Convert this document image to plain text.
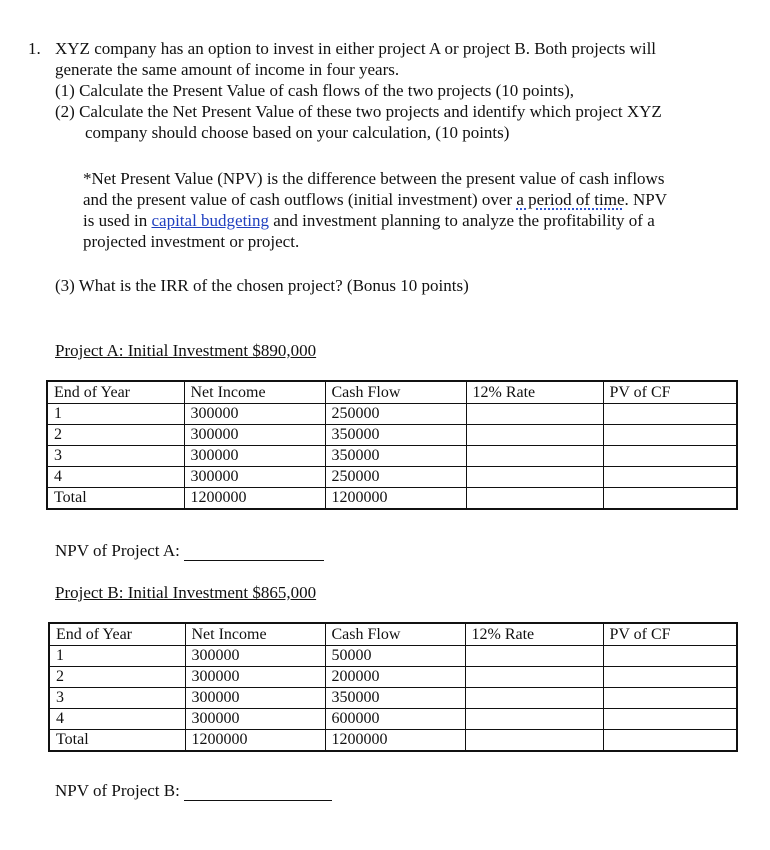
1. XYZ company has an option to invest in either project A or project B. Both projects will
generate the same amount of income in four years.
(1) Calculate the Present Value of cash flows of the two projects (10 points),
(2) Calculate the Net Present Value of these two projects and identify which project XYZ
company should choose based on your calculation, (10 points)
*Net Present Value (NPV) is the difference between the present value of cash inflows
and the present value of cash outflows (initial investment) over a period of time. NPV
is used in capital budgeting and investment planning to analyze the profitability of a
projected investment or project.
(3) What is the IRR of the chosen project? (Bonus 10 points)
Project A: Initial Investment $890,000
End of Year	Net Income	Cash Flow	12% Rate	PV of CF
1	300000	250000		
2	300000	350000		
3	300000	350000		
4	300000	250000		
Total	1200000	1200000		
NPV of Project A:
Project B: Initial Investment $865,000
End of Year	Net Income	Cash Flow	12% Rate	PV of CF
1	300000	50000		
2	300000	200000		
3	300000	350000		
4	300000	600000		
Total	1200000	1200000		
NPV of Project B:
